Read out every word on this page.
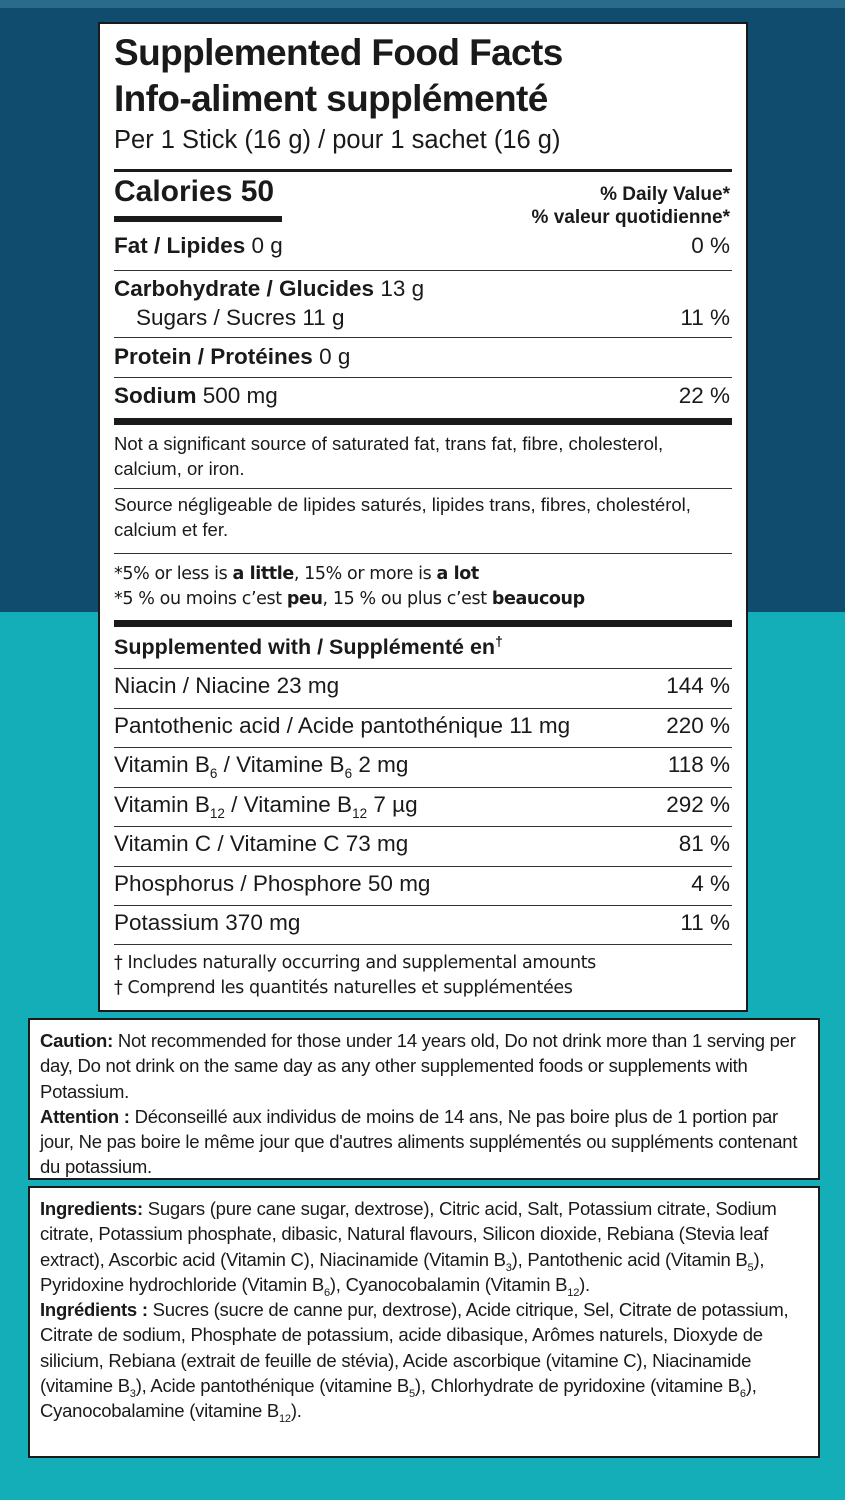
Supplemented Food Facts
Info-aliment supplémenté
Per 1 Stick (16 g) / pour 1 sachet (16 g)
Calories 50	% Daily Value*
% valeur quotidienne*
Fat / Lipides 0 g	0 %
Carbohydrate / Glucides 13 g
Sugars / Sucres 11 g	11 %
Protein / Protéines 0 g
Sodium 500 mg	22 %
Not a significant source of saturated fat, trans fat, fibre, cholesterol, calcium, or iron.
Source négligeable de lipides saturés, lipides trans, fibres, cholestérol, calcium et fer.
*5% or less is a little, 15% or more is a lot
*5 % ou moins c’est peu, 15 % ou plus c’est beaucoup
Supplemented with / Supplémenté en†
Niacin / Niacine 23 mg	144 %
Pantothenic acid / Acide pantothénique 11 mg	220 %
Vitamin $B_6$ / Vitamine $B_6$ 2 mg	118 %
Vitamin $B_{12}$ / Vitamine $B_{12}$ 7 µg	292 %
Vitamin C / Vitamine C 73 mg	81 %
Phosphorus / Phosphore 50 mg	4 %
Potassium 370 mg	11 %
† Includes naturally occurring and supplemental amounts
† Comprend les quantités naturelles et supplémentées

Caution: Not recommended for those under 14 years old, Do not drink more than 1 serving per day, Do not drink on the same day as any other supplemented foods or supplements with Potassium.

Attention : Déconseillé aux individus de moins de 14 ans, Ne pas boire plus de 1 portion par jour, Ne pas boire le même jour que d'autres aliments supplémentés ou suppléments contenant du potassium.

Ingredients: Sugars (pure cane sugar, dextrose), Citric acid, Salt, Potassium citrate, Sodium citrate, Potassium phosphate, dibasic, Natural flavours, Silicon dioxide, Rebiana (Stevia leaf extract), Ascorbic acid (Vitamin C), Niacinamide (Vitamin $B_3$), Pantothenic acid (Vitamin $B_5$), Pyridoxine hydrochloride (Vitamin $B_6$), Cyanocobalamin (Vitamin $B_{12}$).

Ingrédients : Sucres (sucre de canne pur, dextrose), Acide citrique, Sel, Citrate de potassium, Citrate de sodium, Phosphate de potassium, acide dibasique, Arômes naturels, Dioxyde de silicium, Rebiana (extrait de feuille de stévia), Acide ascorbique (vitamine C), Niacinamide (vitamine $B_3$), Acide pantothénique (vitamine $B_5$), Chlorhydrate de pyridoxine (vitamine $B_6$), Cyanocobalamine (vitamine $B_{12}$).
